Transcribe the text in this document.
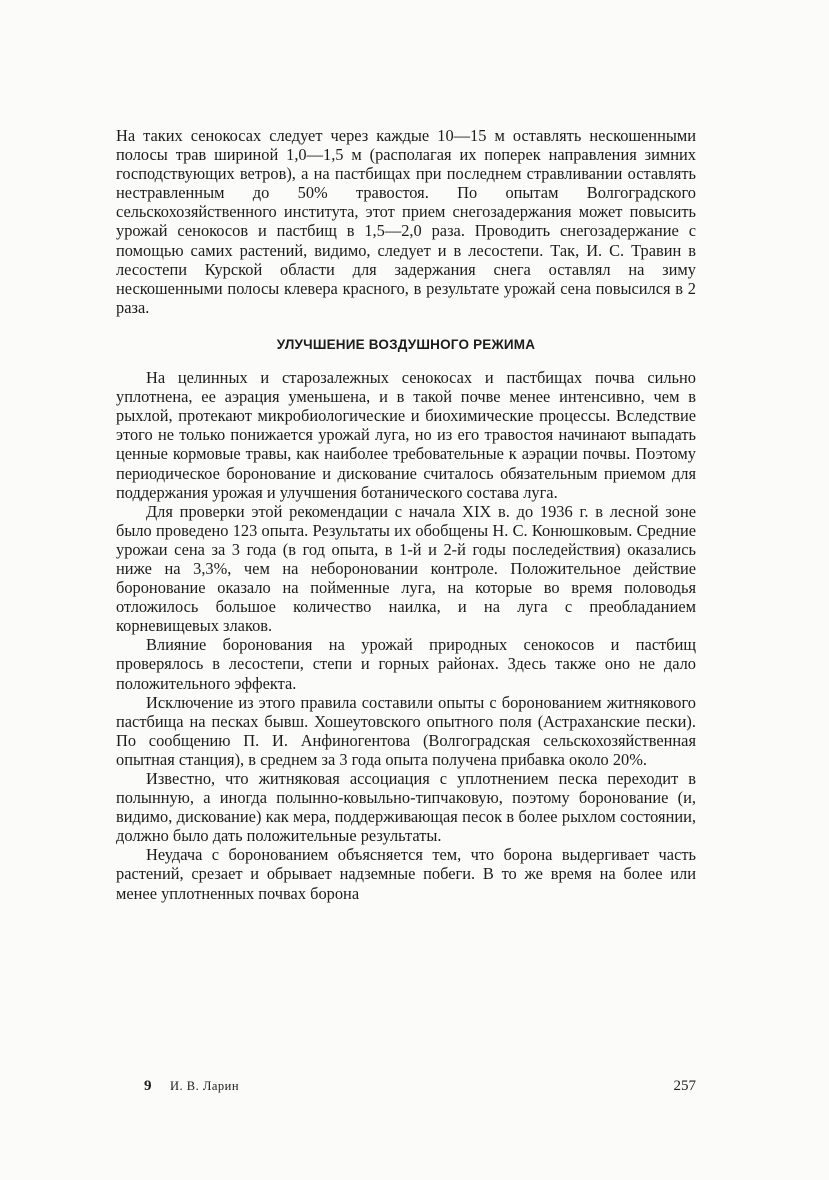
На таких сенокосах следует через каждые 10—15 м оставлять нескошенными полосы трав шириной 1,0—1,5 м (располагая их поперек направления зимних господствующих ветров), а на пастбищах при последнем стравливании оставлять нестравленным до 50% травостоя. По опытам Волгоградского сельскохозяйственного института, этот прием снегозадержания может повысить урожай сенокосов и пастбищ в 1,5—2,0 раза. Проводить снегозадержание с помощью самих растений, видимо, следует и в лесостепи. Так, И. С. Травин в лесостепи Курской области для задержания снега оставлял на зиму нескошенными полосы клевера красного, в результате урожай сена повысился в 2 раза.

УЛУЧШЕНИЕ ВОЗДУШНОГО РЕЖИМА

На целинных и старозалежных сенокосах и пастбищах почва сильно уплотнена, ее аэрация уменьшена, и в такой почве менее интенсивно, чем в рыхлой, протекают микробиологические и биохимические процессы. Вследствие этого не только понижается урожай луга, но из его травостоя начинают выпадать ценные кормовые травы, как наиболее требовательные к аэрации почвы. Поэтому периодическое боронование и дискование считалось обязательным приемом для поддержания урожая и улучшения ботанического состава луга.

Для проверки этой рекомендации с начала XIX в. до 1936 г. в лесной зоне было проведено 123 опыта. Результаты их обобщены Н. С. Конюшковым. Средние урожаи сена за 3 года (в год опыта, в 1-й и 2-й годы последействия) оказались ниже на 3,3%, чем на небороновании контроле. Положительное действие боронование оказало на пойменные луга, на которые во время половодья отложилось большое количество наилка, и на луга с преобладанием корневищевых злаков.

Влияние боронования на урожай природных сенокосов и пастбищ проверялось в лесостепи, степи и горных районах. Здесь также оно не дало положительного эффекта.

Исключение из этого правила составили опыты с боронованием житнякового пастбища на песках бывш. Хошеутовского опытного поля (Астраханские пески). По сообщению П. И. Анфиногентова (Волгоградская сельскохозяйственная опытная станция), в среднем за 3 года опыта получена прибавка около 20%.

Известно, что житняковая ассоциация с уплотнением песка переходит в полынную, а иногда полынно-ковыльно-типчаковую, поэтому боронование (и, видимо, дискование) как мера, поддерживающая песок в более рыхлом состоянии, должно было дать положительные результаты.

Неудача с боронованием объясняется тем, что борона выдергивает часть растений, срезает и обрывает надземные побеги. В то же время на более или менее уплотненных почвах борона

9 И. В. Ларин	257
